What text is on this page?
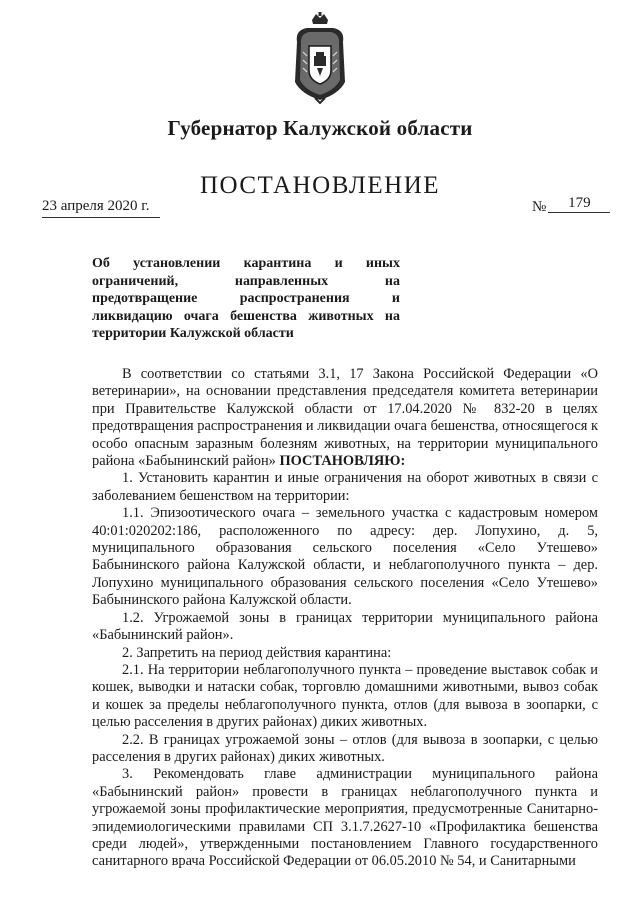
Губернатор Калужской области
ПОСТАНОВЛЕНИЕ
23 апреля 2020 г.	№ 179
Об установлении карантина и иных ограничений, направленных на предотвращение распространения и ликвидацию очага бешенства животных на территории Калужской области

В соответствии со статьями 3.1, 17 Закона Российской Федерации «О ветеринарии», на основании представления председателя комитета ветеринарии при Правительстве Калужской области от 17.04.2020 № 832-20 в целях предотвращения распространения и ликвидации очага бешенства, относящегося к особо опасным заразным болезням животных, на территории муниципального района «Бабынинский район» ПОСТАНОВЛЯЮ:

1. Установить карантин и иные ограничения на оборот животных в связи с заболеванием бешенством на территории:

1.1. Эпизоотического очага – земельного участка с кадастровым номером 40:01:020202:186, расположенного по адресу: дер. Лопухино, д. 5, муниципального образования сельского поселения «Село Утешево» Бабынинского района Калужской области, и неблагополучного пункта – дер. Лопухино муниципального образования сельского поселения «Село Утешево» Бабынинского района Калужской области.

1.2. Угрожаемой зоны в границах территории муниципального района «Бабынинский район».

2. Запретить на период действия карантина:

2.1. На территории неблагополучного пункта – проведение выставок собак и кошек, выводки и натаски собак, торговлю домашними животными, вывоз собак и кошек за пределы неблагополучного пункта, отлов (для вывоза в зоопарки, с целью расселения в других районах) диких животных.

2.2. В границах угрожаемой зоны – отлов (для вывоза в зоопарки, с целью расселения в других районах) диких животных.

3. Рекомендовать главе администрации муниципального района «Бабынинский район» провести в границах неблагополучного пункта и угрожаемой зоны профилактические мероприятия, предусмотренные Санитарно-эпидемиологическими правилами СП 3.1.7.2627-10 «Профилактика бешенства среди людей», утвержденными постановлением Главного государственного санитарного врача Российской Федерации от 06.05.2010 № 54, и Санитарными
